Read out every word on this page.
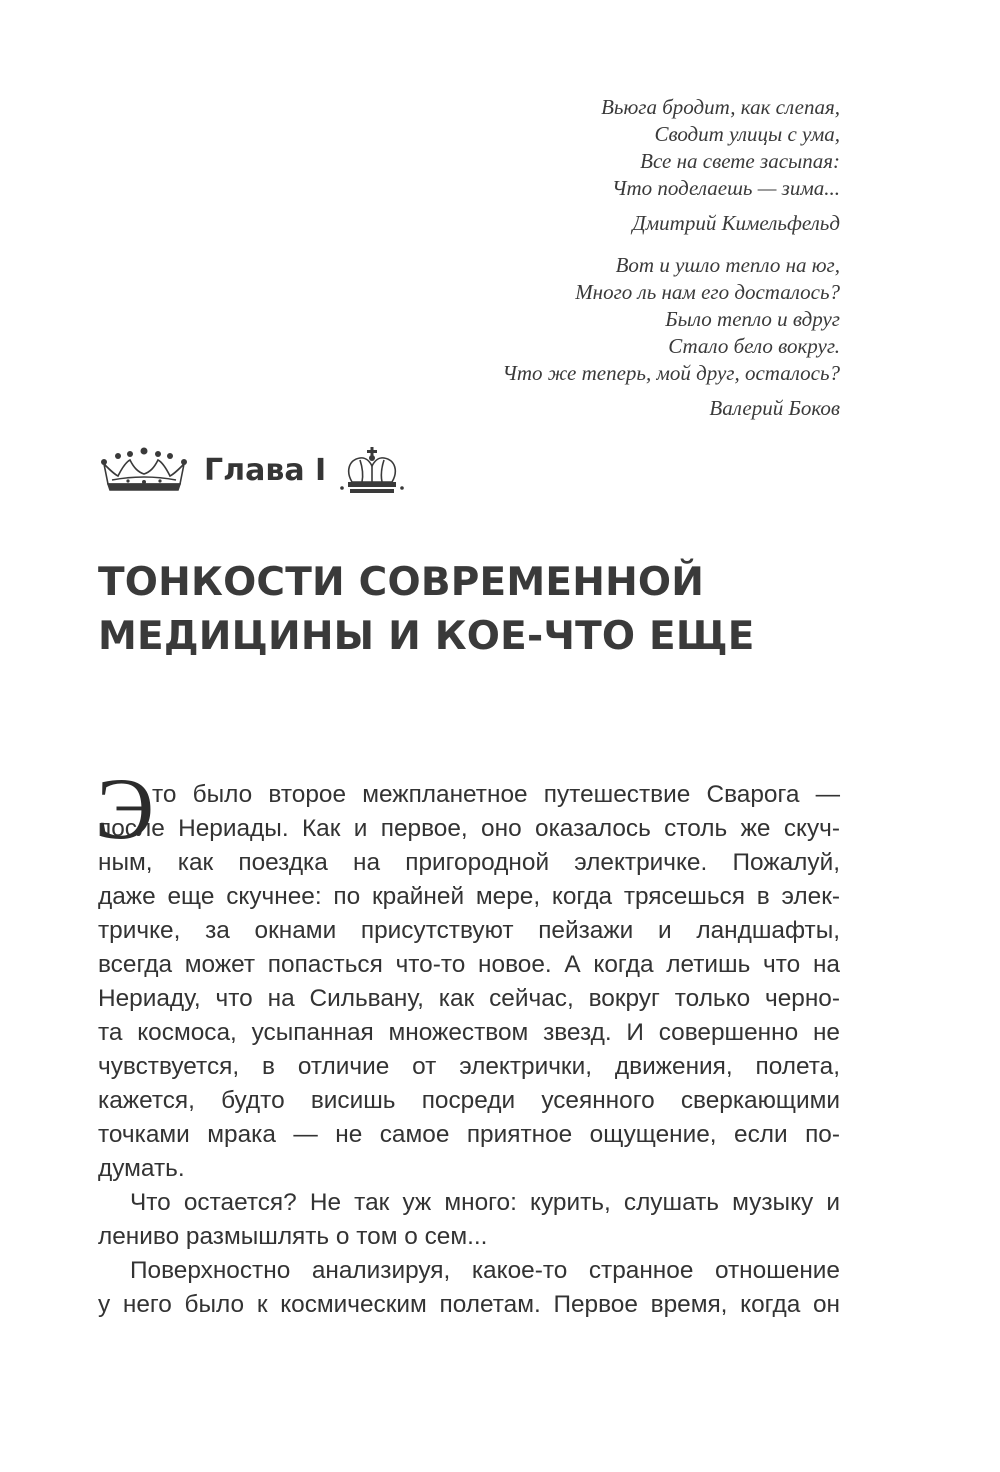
Вьюга бродит, как слепая,
Сводит улицы с ума,
Все на свете засыпая:
Что поделаешь — зима...
Дмитрий Кимельфельд
Вот и ушло тепло на юг,
Много ль нам его досталось?
Было тепло и вдруг
Стало бело вокруг.
Что же теперь, мой друг, осталось?
Валерий Боков
Глава I
ТОНКОСТИ СОВРЕМЕННОЙ
МЕДИЦИНЫ И КОЕ-ЧТО ЕЩЕ
Э
то было второе межпланетное путешествие Сварога —
после Нериады. Как и первое, оно оказалось столь же скуч-
ным, как поездка на пригородной электричке. Пожалуй,
даже еще скучнее: по крайней мере, когда трясешься в элек-
тричке, за окнами присутствуют пейзажи и ландшафты,
всегда может попасться что-то новое. А когда летишь что на
Нериаду, что на Сильвану, как сейчас, вокруг только черно-
та космоса, усыпанная множеством звезд. И совершенно не
чувствуется, в отличие от электрички, движения, полета,
кажется, будто висишь посреди усеянного сверкающими
точками мрака — не самое приятное ощущение, если по-
думать.
Что остается? Не так уж много: курить, слушать музыку и
лениво размышлять о том о сем...
Поверхностно анализируя, какое-то странное отношение
у него было к космическим полетам. Первое время, когда он
